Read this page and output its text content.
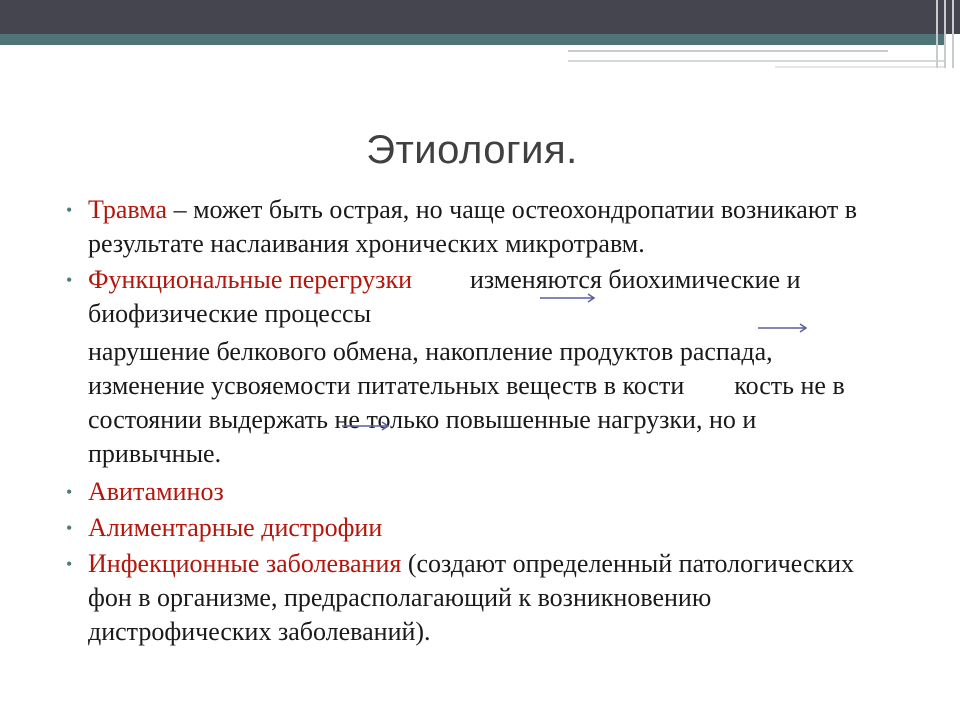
Этиология.
• Травма – может быть острая, но чаще остеохондропатии возникают в результате наслаивания хронических микротравм.
• Функциональные перегрузки изменяются биохимические и биофизические процессы
нарушение белкового обмена, накопление продуктов распада, изменение усвояемости питательных веществ в кости кость не в состоянии выдержать не только повышенные нагрузки, но и привычные.
• Авитаминоз
• Алиментарные дистрофии
• Инфекционные заболевания (создают определенный патологических фон в организме, предрасполагающий к возникновению дистрофических заболеваний).
